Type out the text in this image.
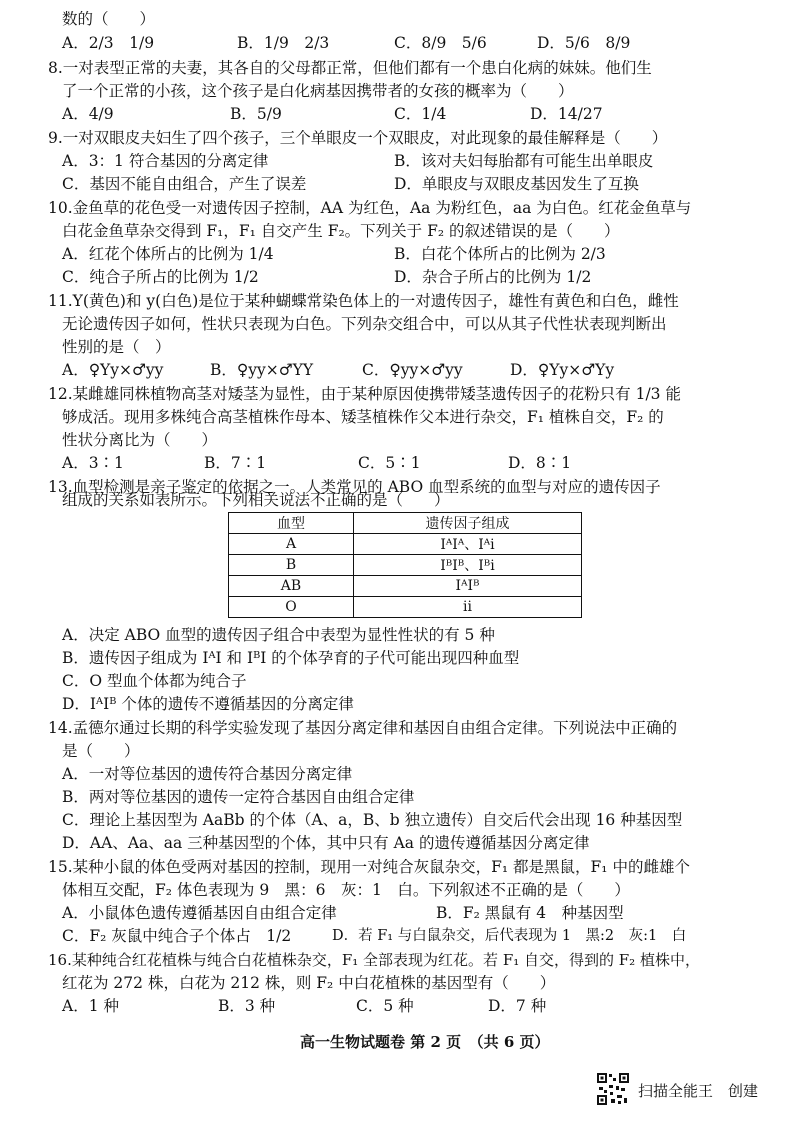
数的（　　）
A．2/3　1/9	B．1/9　2/3	C．8/9　5/6	D．5/6　8/9
8.一对表型正常的夫妻，其各自的父母都正常，但他们都有一个患白化病的妹妹。他们生
了一个正常的小孩，这个孩子是白化病基因携带者的女孩的概率为（　　）
A．4/9	B．5/9	C．1/4	D．14/27
9.一对双眼皮夫妇生了四个孩子，三个单眼皮一个双眼皮，对此现象的最佳解释是（　　）
A．3：1 符合基因的分离定律	B．该对夫妇每胎都有可能生出单眼皮
C．基因不能自由组合，产生了误差	D．单眼皮与双眼皮基因发生了互换
10.金鱼草的花色受一对遗传因子控制，AA 为红色，Aa 为粉红色，aa 为白色。红花金鱼草与
白花金鱼草杂交得到 F₁，F₁ 自交产生 F₂。下列关于 F₂ 的叙述错误的是（　　）
A．红花个体所占的比例为 1/4	B．白花个体所占的比例为 2/3
C．纯合子所占的比例为 1/2	D．杂合子所占的比例为 1/2
11.Y(黄色)和 y(白色)是位于某种蝴蝶常染色体上的一对遗传因子，雄性有黄色和白色，雌性
无论遗传因子如何，性状只表现为白色。下列杂交组合中，可以从其子代性状表现判断出
性别的是（　）
A．♀Yy×♂yy	B．♀yy×♂YY	C．♀yy×♂yy	D．♀Yy×♂Yy
12.某雌雄同株植物高茎对矮茎为显性，由于某种原因使携带矮茎遗传因子的花粉只有 1/3 能
够成活。现用多株纯合高茎植株作母本、矮茎植株作父本进行杂交，F₁ 植株自交，F₂ 的
性状分离比为（　　）
A．3∶1	B．7∶1	C．5∶1	D．8∶1
13.血型检测是亲子鉴定的依据之一。人类常见的 ABO 血型系统的血型与对应的遗传因子
组成的关系如表所示。下列相关说法不正确的是（　　）
血型	遗传因子组成
A	IᴬIᴬ、Iᴬi
B	IᴮIᴮ、Iᴮi
AB	IᴬIᴮ
O	ii
A．决定 ABO 血型的遗传因子组合中表型为显性性状的有 5 种
B．遗传因子组成为 IᴬI 和 IᴮI 的个体孕育的子代可能出现四种血型
C．O 型血个体都为纯合子
D．IᴬIᴮ 个体的遗传不遵循基因的分离定律
14.孟德尔通过长期的科学实验发现了基因分离定律和基因自由组合定律。下列说法中正确的
是（　　）
A．一对等位基因的遗传符合基因分离定律
B．两对等位基因的遗传一定符合基因自由组合定律
C．理论上基因型为 AaBb 的个体（A、a，B、b 独立遗传）自交后代会出现 16 种基因型
D．AA、Aa、aa 三种基因型的个体，其中只有 Aa 的遗传遵循基因分离定律
15.某种小鼠的体色受两对基因的控制，现用一对纯合灰鼠杂交，F₁ 都是黑鼠，F₁ 中的雌雄个
体相互交配，F₂ 体色表现为 9　黑：6　灰：1　白。下列叙述不正确的是（　　）
A．小鼠体色遗传遵循基因自由组合定律	B．F₂ 黑鼠有 4　种基因型
C．F₂ 灰鼠中纯合子个体占　1/2	D．若 F₁ 与白鼠杂交，后代表现为 1　黑:2　灰:1　白
16.某种纯合红花植株与纯合白花植株杂交，F₁ 全部表现为红花。若 F₁ 自交，得到的 F₂ 植株中，
红花为 272 株，白花为 212 株，则 F₂ 中白花植株的基因型有（　　）
A．1 种	B．3 种	C．5 种	D．7 种
高一生物试题卷 第 2 页　（共 6 页）
扫描全能王　创建
